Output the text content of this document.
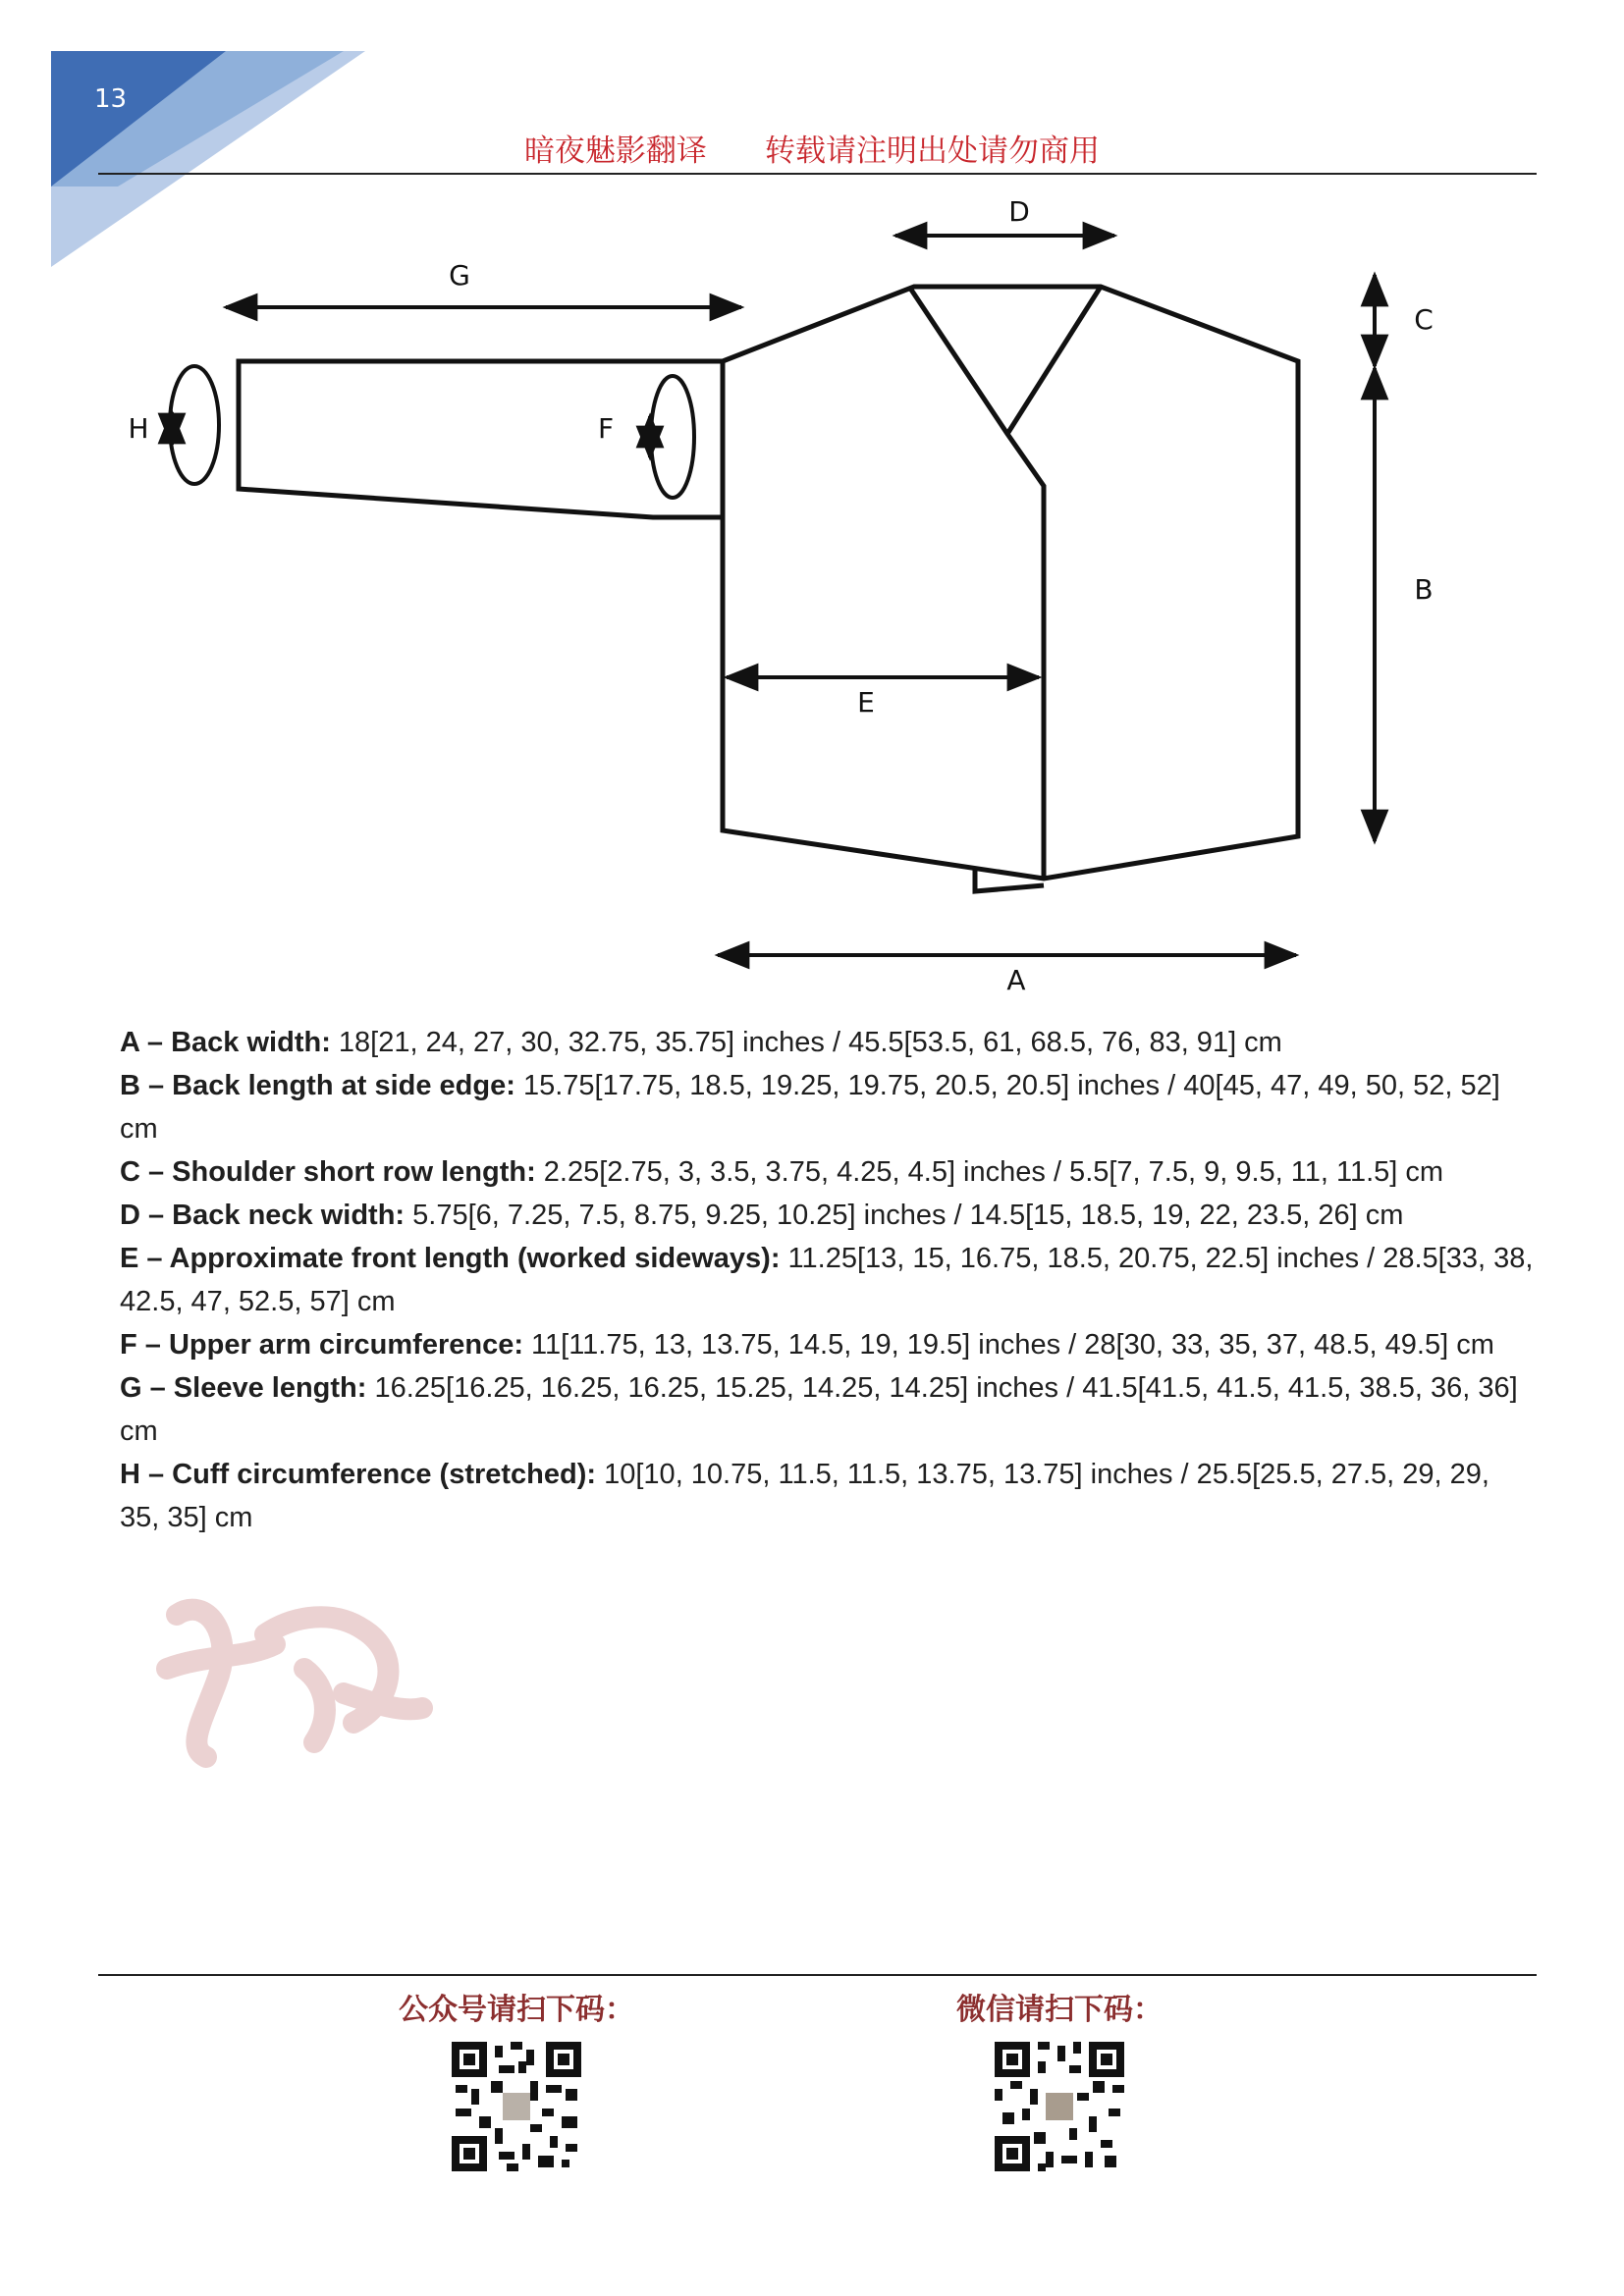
13
暗夜魅影翻译      转载请注明出处请勿商用
A
B
C
D
E
F
G
H

A – Back width: 18[21, 24, 27, 30, 32.75, 35.75] inches / 45.5[53.5, 61, 68.5, 76, 83, 91] cm

B – Back length at side edge: 15.75[17.75, 18.5, 19.25, 19.75, 20.5, 20.5] inches / 40[45, 47, 49, 50, 52, 52] cm

C – Shoulder short row length: 2.25[2.75, 3, 3.5, 3.75, 4.25, 4.5] inches / 5.5[7, 7.5, 9, 9.5, 11, 11.5] cm

D – Back neck width: 5.75[6, 7.25, 7.5, 8.75, 9.25, 10.25] inches / 14.5[15, 18.5, 19, 22, 23.5, 26] cm

E – Approximate front length (worked sideways): 11.25[13, 15, 16.75, 18.5, 20.75, 22.5] inches / 28.5[33, 38, 42.5, 47, 52.5, 57] cm

F – Upper arm circumference: 11[11.75, 13, 13.75, 14.5, 19, 19.5] inches / 28[30, 33, 35, 37, 48.5, 49.5] cm

G – Sleeve length: 16.25[16.25, 16.25, 16.25, 15.25, 14.25, 14.25] inches / 41.5[41.5, 41.5, 41.5, 38.5, 36, 36] cm

H – Cuff circumference (stretched): 10[10, 10.75, 11.5, 11.5, 13.75, 13.75] inches / 25.5[25.5, 27.5, 29, 29, 35, 35] cm

公众号请扫下码：	微信请扫下码：
